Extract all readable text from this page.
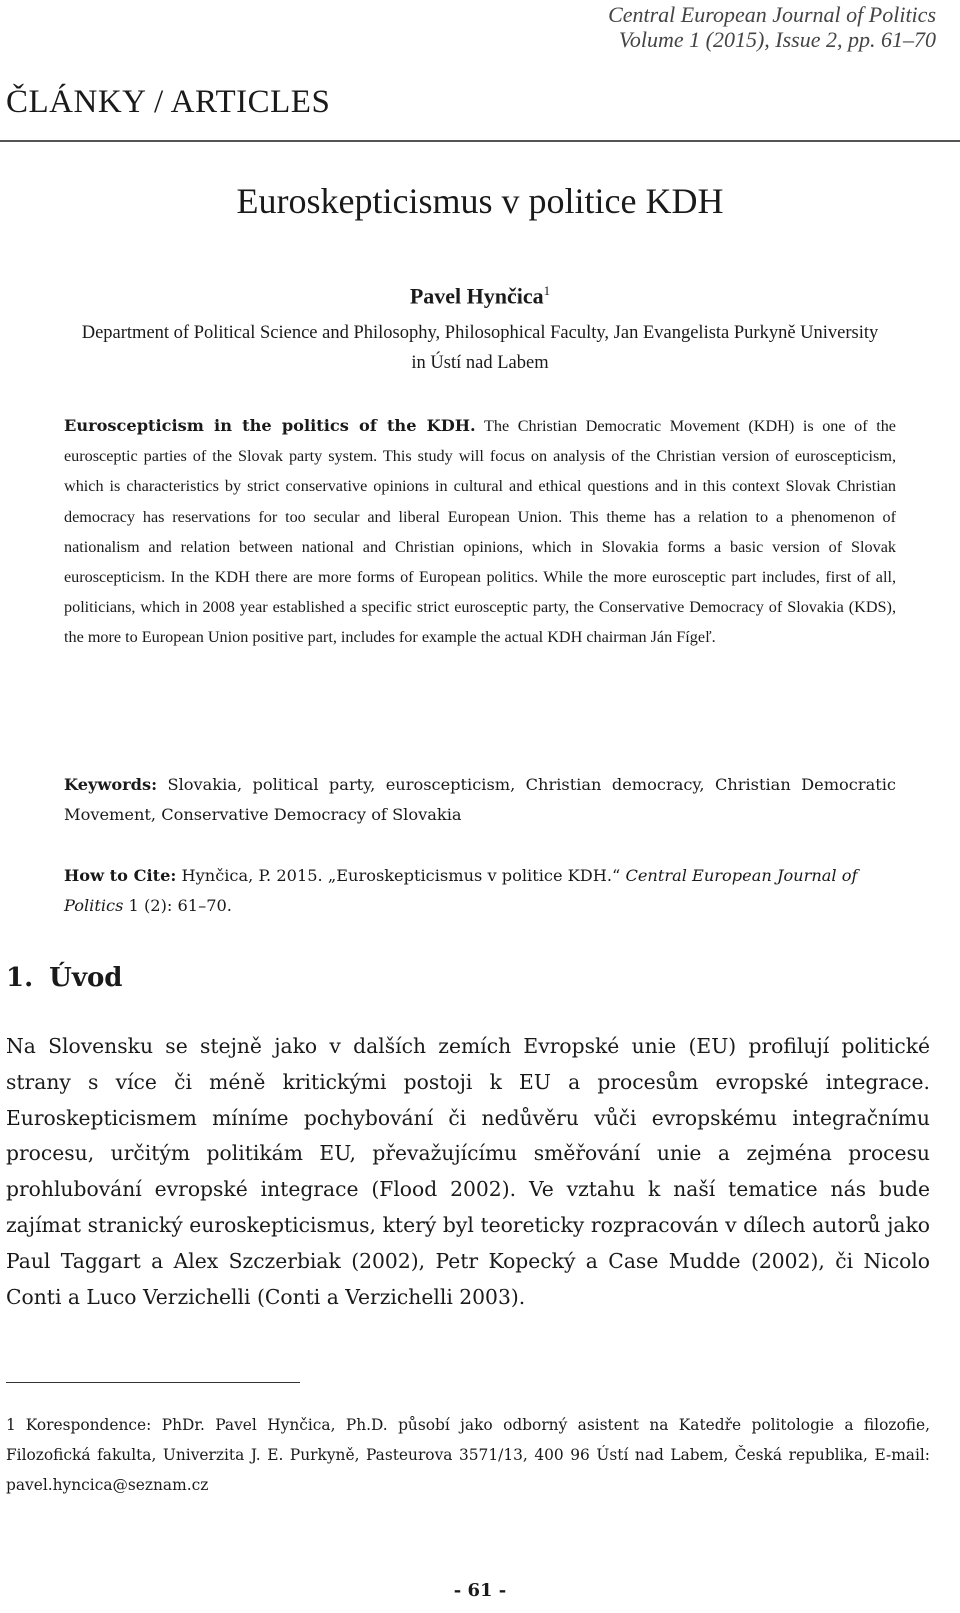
Central European Journal of Politics
Volume 1 (2015), Issue 2, pp. 61–70
ČLÁNKY / ARTICLES
Euroskepticismus v politice KDH
Pavel Hynčica$^1$
Department of Political Science and Philosophy, Philosophical Faculty, Jan Evangelista Purkyně University
in Ústí nad Labem
Euroscepticism in the politics of the KDH. The Christian Democratic Movement (KDH) is one of the eurosceptic parties of the Slovak party system. This study will focus on analysis of the Christian version of euroscepticism, which is characteristics by strict conservative opinions in cultural and ethical questions and in this context Slovak Christian democracy has reservations for too secular and liberal European Union. This theme has a relation to a phenomenon of nationalism and relation between national and Christian opinions, which in Slovakia forms a basic version of Slovak euroscepticism. In the KDH there are more forms of European politics. While the more eurosceptic part includes, first of all, politicians, which in 2008 year established a specific strict eurosceptic party, the Conservative Democracy of Slovakia (KDS), the more to European Union positive part, includes for example the actual KDH chairman Ján Fígeľ.
Keywords: Slovakia, political party, euroscepticism, Christian democracy, Christian Democratic Movement, Conservative Democracy of Slovakia
How to Cite: Hynčica, P. 2015. „Euroskepticismus v politice KDH.“ Central European Journal of Politics 1 (2): 61–70.
1. Úvod
Na Slovensku se stejně jako v dalších zemích Evropské unie (EU) profilují politické strany s více či méně kritickými postoji k EU a procesům evropské integrace. Euroskepticismem míníme pochybování či nedůvěru vůči evropskému integračnímu procesu, určitým politikám EU, převažujícímu směřování unie a zejména procesu prohlubování evropské integrace (Flood 2002). Ve vztahu k naší tematice nás bude zajímat stranický euroskepticismus, který byl teoreticky rozpracován v dílech autorů jako Paul Taggart a Alex Szczerbiak (2002), Petr Kopecký a Case Mudde (2002), či Nicolo Conti a Luco Verzichelli (Conti a Verzichelli 2003).
1 Korespondence: PhDr. Pavel Hynčica, Ph.D. působí jako odborný asistent na Katedře politologie a filozofie, Filozofická fakulta, Univerzita J. E. Purkyně, Pasteurova 3571/13, 400 96 Ústí nad Labem, Česká republika, E-mail: pavel.hyncica@seznam.cz
- 61 -
